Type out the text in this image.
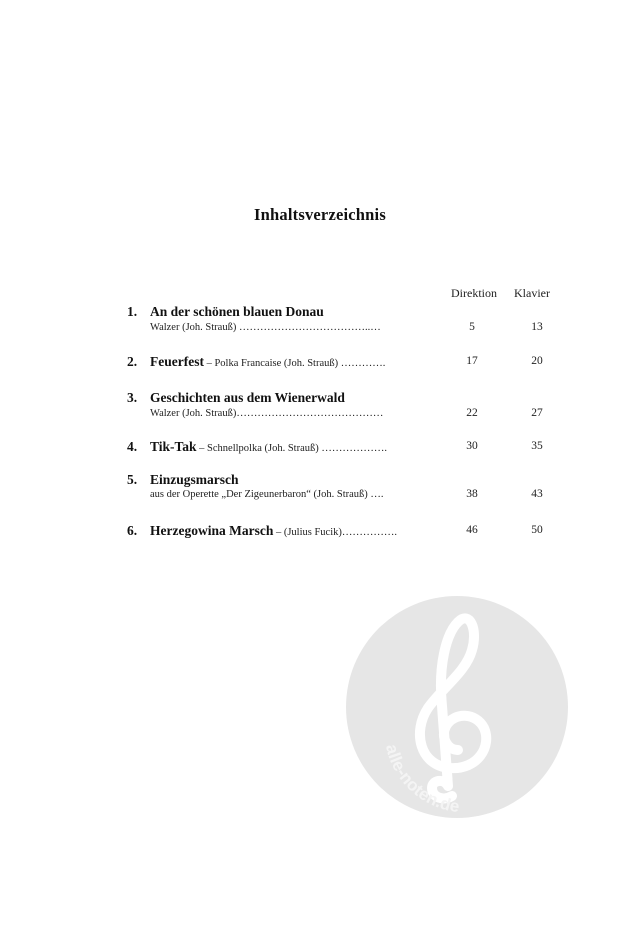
Inhaltsverzeichnis
Direktion Klavier
1. An der schönen blauen Donau
Walzer (Joh. Strauß) ………………………………..…	5	13
2. Feuerfest – Polka Francaise (Joh. Strauß) ………….	17	20
3. Geschichten aus dem Wienerwald
Walzer (Joh. Strauß)……………………………………	22	27
4. Tik-Tak – Schnellpolka (Joh. Strauß) ……………….	30	35
5. Einzugsmarsch
aus der Operette „Der Zigeunerbaron“ (Joh. Strauß) ….	38	43
6. Herzegowina Marsch – (Julius Fucik)…………….	46	50
alle-noten.de
